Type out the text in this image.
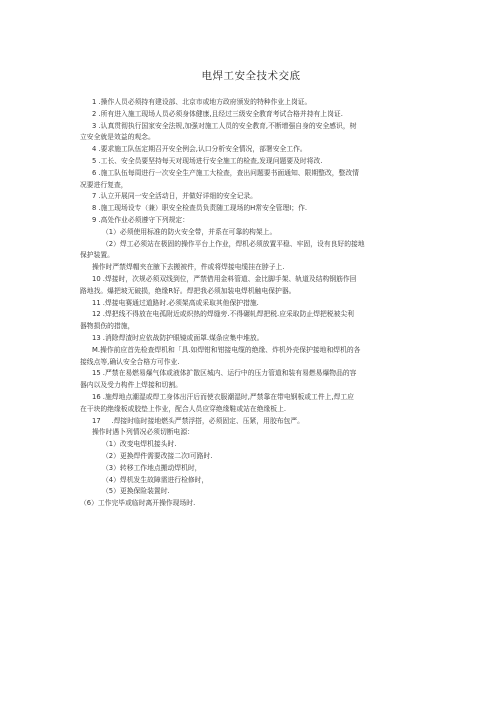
电焊工安全技术交底

1 .操作人员必须持有建设部、北京市或地方政府颁发的特种作业上岗证。

2 .所有进入施工现场人员必须身体健康,且经过三级安全教育考试合格并持有上岗证.

3 .认真贯彻执行国家安全法规,加强对施工人员的安全教育,不断增强自身的安全感识，树

立安全就是效益的观念。

4 .要求施工队伍定期召开安全例会,认口分析安全情况，部署安全工作。

5 .工长、安全员要坚持每天对现场进行安全施工的检查,发现问题要及时将改.

6 .施工队伍每周进行一次安全生产施工大检查，查出问题要书面通知、限期整改，整改情

况要进行复查，

7 .认立开展同一安全活动日，并做好详细的安全记录。

8 .施工现场设专（兼）职安全检查员负责随工现场的H常安全管理I；作.

9 .高处作业必须遵守下列规定：

（1）必须使用标准的防火安全带，并系在可靠的构架上。

（2）焊工必须站在极固的操作平台上作业，焊机必须放置平稳、牢固，设有良好的接地

保护装置。

操作时严禁焊帽夹在腋下去搬被件，件或将焊接电缆挂在脖子上.

10 .焊接时，次规必须双线到位，严禁借用金料管道、金比脚手架、轨道及结构钢筋作回

路地找。爆把坡无破损，绝缘R好。焊把我必须加装电焊机触电保护器。

11 .焊接电赛通过道路时.必须架高或采取其他保护措施.

12 .焊把线不得放在电孤附近或炽热的焊缝旁.不得碾轧焊把税.应采取防止焊把税被尖利

器物损伤的措施，

13 .消除焊渣时应依战防护眼镜或面罩.煤条应集中堆放。

M.操作前应首先检查焊机和「具.如焊钳和钳接电缆的绝缘、炸机外壳保护接地和焊机的各

接线点等,确认安全合格方可作业.

15 .严禁在易燃易爆气体或液体扩散区城内、运行中的压力管道和装有易燃易爆物品的容

器内以及受力构件上焊接和切割。

16 .施焊地点潮湿或焊工身体出汗后而使衣服潮湿时,严禁靠在带电钢板或工件上,焊工应

在干块的绝缘板或胶垫上作业，配合人员应穿绝缘鞋或站在绝缘板上.

17     .焊接时临时接地燃头严禁浮搭，必须固定、压紧，用胶布包严。

操作时遇卜列情况必须切断电源：

（1）改变电焊机接头时.

（2）更换焊件需要改接二次I可路时.

（3）转移工作地点搬动焊机时，

（4）焊机发生故障需进行检修时，

（5）更换保险装置时.

（6）工作完毕或临时离开操作现场时.
